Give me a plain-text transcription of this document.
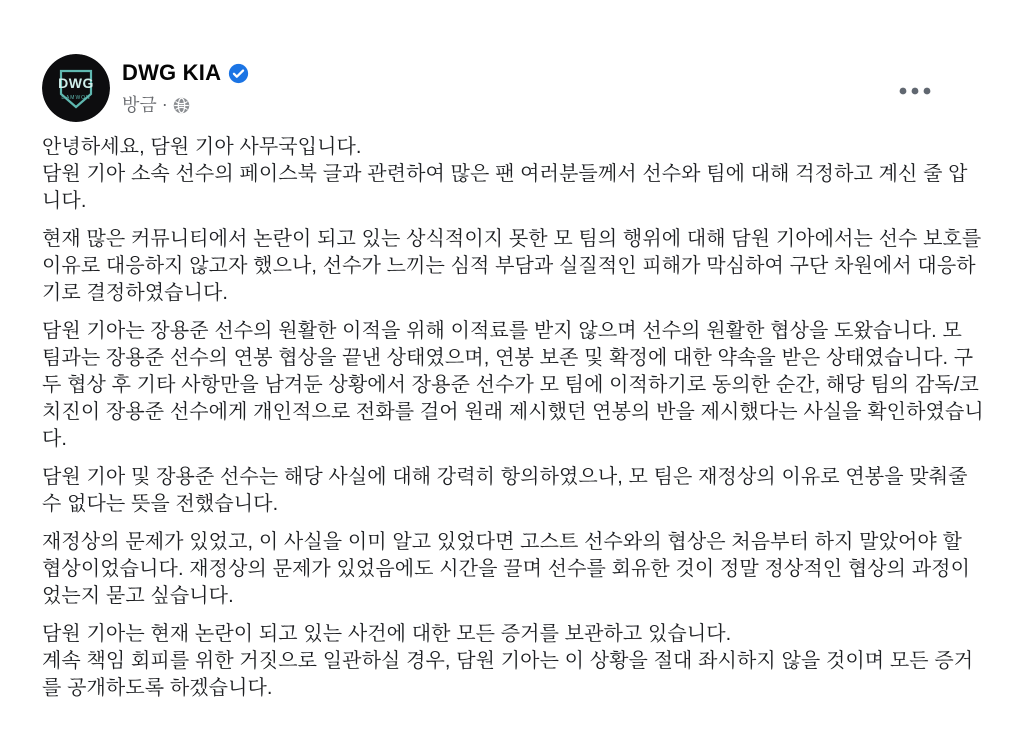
DWG
DAMWON
DWG KIA
방금 ·
안녕하세요, 담원 기아 사무국입니다.
담원 기아 소속 선수의 페이스북 글과 관련하여 많은 팬 여러분들께서 선수와 팀에 대해 걱정하고 계신 줄 압니다.
현재 많은 커뮤니티에서 논란이 되고 있는 상식적이지 못한 모 팀의 행위에 대해 담원 기아에서는 선수 보호를 이유로 대응하지 않고자 했으나, 선수가 느끼는 심적 부담과 실질적인 피해가 막심하여 구단 차원에서 대응하기로 결정하였습니다.
담원 기아는 장용준 선수의 원활한 이적을 위해 이적료를 받지 않으며 선수의 원활한 협상을 도왔습니다. 모 팀과는 장용준 선수의 연봉 협상을 끝낸 상태였으며, 연봉 보존 및 확정에 대한 약속을 받은 상태였습니다. 구두 협상 후 기타 사항만을 남겨둔 상황에서 장용준 선수가 모 팀에 이적하기로 동의한 순간, 해당 팀의 감독/코치진이 장용준 선수에게 개인적으로 전화를 걸어 원래 제시했던 연봉의 반을 제시했다는 사실을 확인하였습니다.
담원 기아 및 장용준 선수는 해당 사실에 대해 강력히 항의하였으나, 모 팀은 재정상의 이유로 연봉을 맞춰줄 수 없다는 뜻을 전했습니다.
재정상의 문제가 있었고, 이 사실을 이미 알고 있었다면 고스트 선수와의 협상은 처음부터 하지 말았어야 할 협상이었습니다. 재정상의 문제가 있었음에도 시간을 끌며 선수를 회유한 것이 정말 정상적인 협상의 과정이었는지 묻고 싶습니다.
담원 기아는 현재 논란이 되고 있는 사건에 대한 모든 증거를 보관하고 있습니다.
계속 책임 회피를 위한 거짓으로 일관하실 경우, 담원 기아는 이 상황을 절대 좌시하지 않을 것이며 모든 증거를 공개하도록 하겠습니다.
